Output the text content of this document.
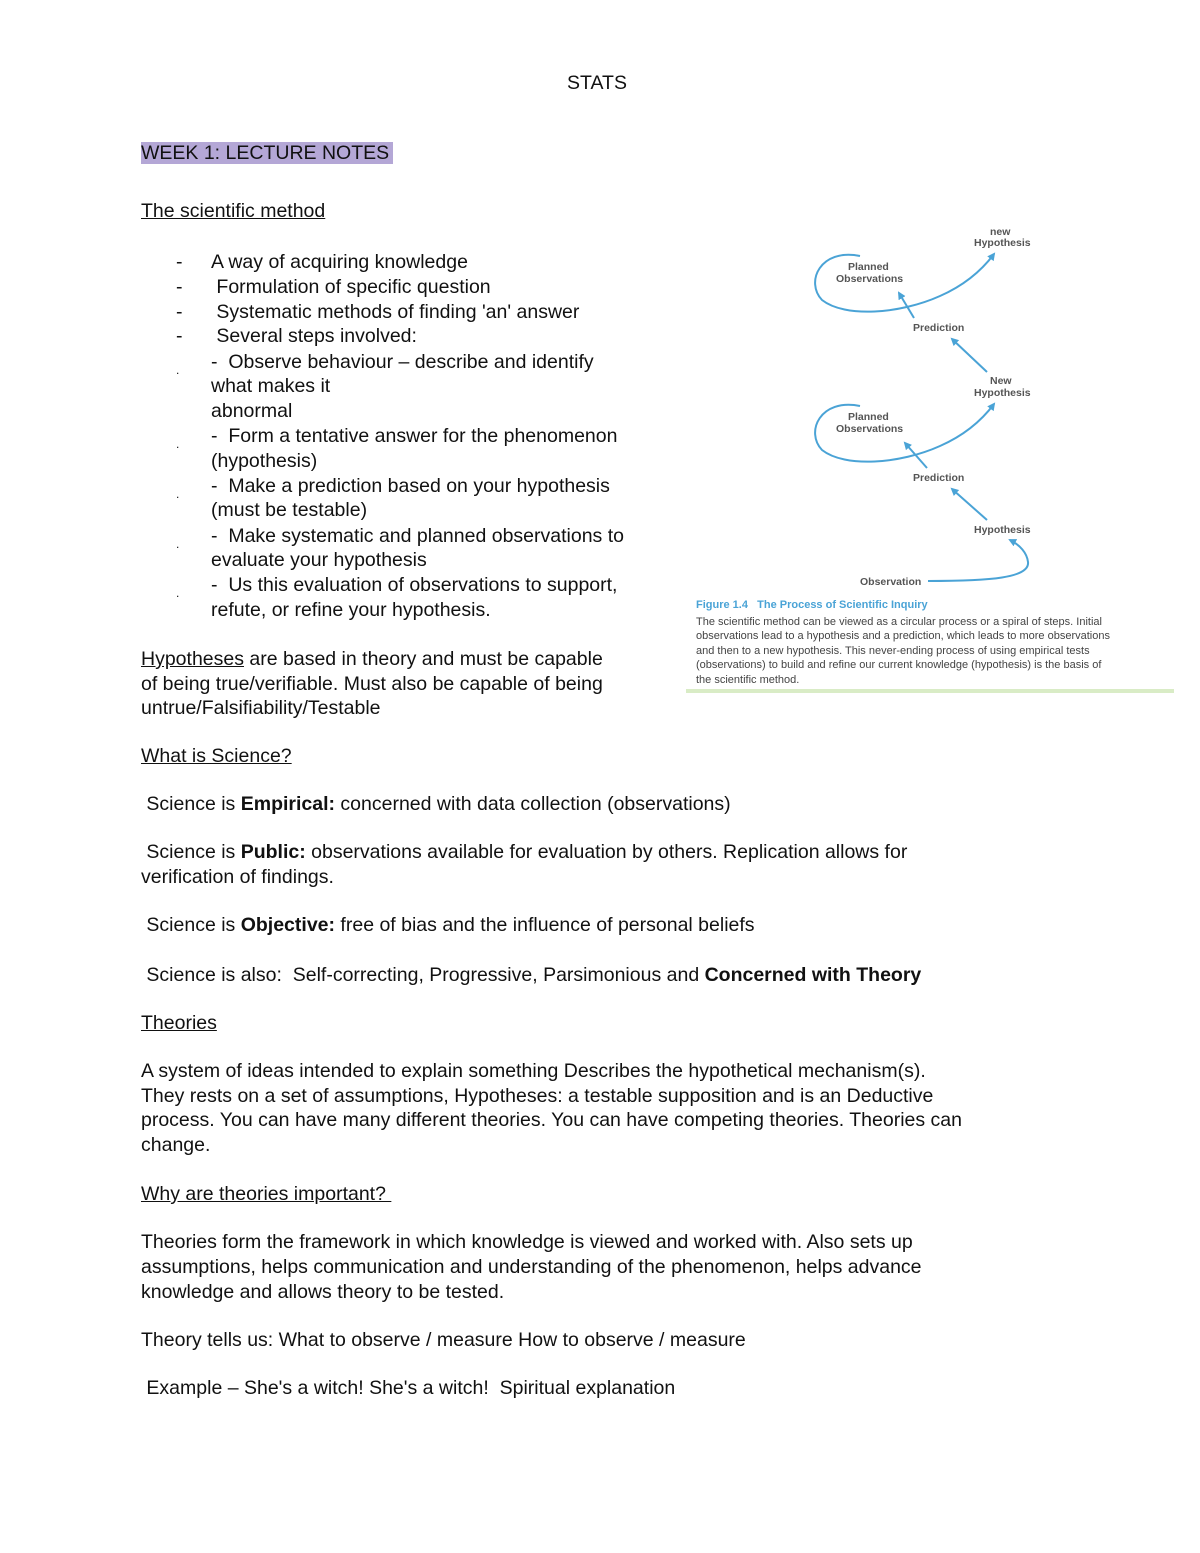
STATS
WEEK 1: LECTURE NOTES
The scientific method
- A way of acquiring knowledge
- Formulation of specific question
- Systematic methods of finding 'an' answer
- Several steps involved:
. -  Observe behaviour – describe and identify
what makes it
abnormal
. -  Form a tentative answer for the phenomenon
(hypothesis)
. -  Make a prediction based on your hypothesis
(must be testable)
. -  Make systematic and planned observations to
evaluate your hypothesis
. -  Us this evaluation of observations to support,
refute, or refine your hypothesis.
Hypotheses are based in theory and must be capable
of being true/verifiable. Must also be capable of being
untrue/Falsifiability/Testable
What is Science?
Science is Empirical: concerned with data collection (observations)
Science is Public: observations available for evaluation by others. Replication allows for
verification of findings.
Science is Objective: free of bias and the influence of personal beliefs
Science is also:  Self-correcting, Progressive, Parsimonious and Concerned with Theory
Theories
A system of ideas intended to explain something Describes the hypothetical mechanism(s).
They rests on a set of assumptions, Hypotheses: a testable supposition and is an Deductive
process. You can have many different theories. You can have competing theories. Theories can
change.
Why are theories important?
Theories form the framework in which knowledge is viewed and worked with. Also sets up
assumptions, helps communication and understanding of the phenomenon, helps advance
knowledge and allows theory to be tested.
Theory tells us: What to observe / measure How to observe / measure
Example – She's a witch! She's a witch!  Spiritual explanation
new
Hypothesis
Planned
Observations
Prediction
New
Hypothesis
Planned
Observations
Prediction
Hypothesis
Observation
Figure 1.4   The Process of Scientific Inquiry
The scientific method can be viewed as a circular process or a spiral of steps. Initial
observations lead to a hypothesis and a prediction, which leads to more observations
and then to a new hypothesis. This never-ending process of using empirical tests
(observations) to build and refine our current knowledge (hypothesis) is the basis of
the scientific method.
